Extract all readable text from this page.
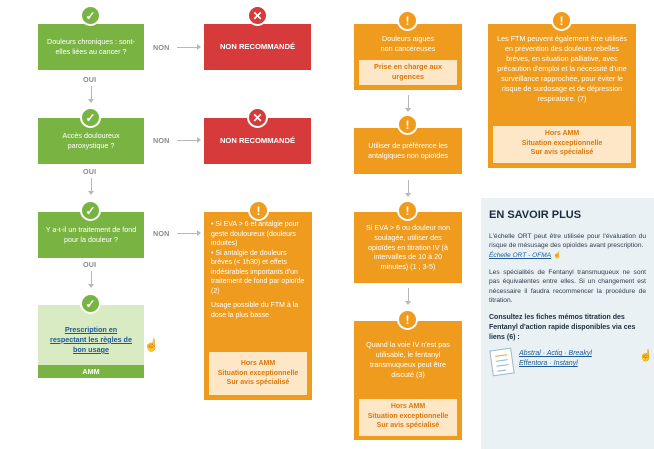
Douleurs chroniques : sont-elles liées au cancer ?
✓
NON	NON RECOMMANDÉ
✕
OUI
Accès douloureux paroxystique ?
✓
NON	NON RECOMMANDÉ
✕
OUI
Y a-t-il un traitement de fond pour la douleur ?
✓
NON
• Si EVA > 6 et antalgie pour geste douloureux (douleurs induites)
• Si antalgie de douleurs brèves (< 1h30) et effets indésirables importants d'un traitement de fond par opioïde (2)
Usage possible du FTM à la dose la plus basse
Hors AMM
Situation exceptionnelle
Sur avis spécialisé
!
OUI
Prescription en respectant les règles de bon usage
AMM
✓
☝
Douleurs aigues non cancéreuses
Prise en charge aux urgences
!
Utiliser de préférence les antalgiques non opioïdes
!
Si EVA > 6 ou douleur non soulagée, utiliser des opioïdes en titration IV (à intervalles de 10 à 20 minutes) (1 ; 3-5)
!
Quand la voie IV n'est pas utilisable, le fentanyl transmuqueux peut être discuté (3)
Hors AMM
Situation exceptionnelle
Sur avis spécialisé
!
Les FTM peuvent également être utilisés en prévention des douleurs rebelles brèves, en situation palliative, avec précaution d'emploi et la nécessité d'une surveillance rapprochée, pour éviter le risque de surdosage et de dépression respiratoire. (7)
Hors AMM
Situation exceptionnelle
Sur avis spécialisé
!
EN SAVOIR PLUS

L'échelle ORT peut être utilisée pour l'évaluation du risque de mésusage des opioïdes avant prescription.
Échelle ORT - OFMA ☝

Les spécialités de Fentanyl transmuqueux ne sont pas équivalentes entre elles. Si un changement est nécessaire il faudra recommencer la procédure de titration.

Consultez les fiches mémos titration des Fentanyl d'action rapide disponibles via ces liens (6) :
Abstral · Actiq · Breakyl
Effentora · Instanyl
☝
